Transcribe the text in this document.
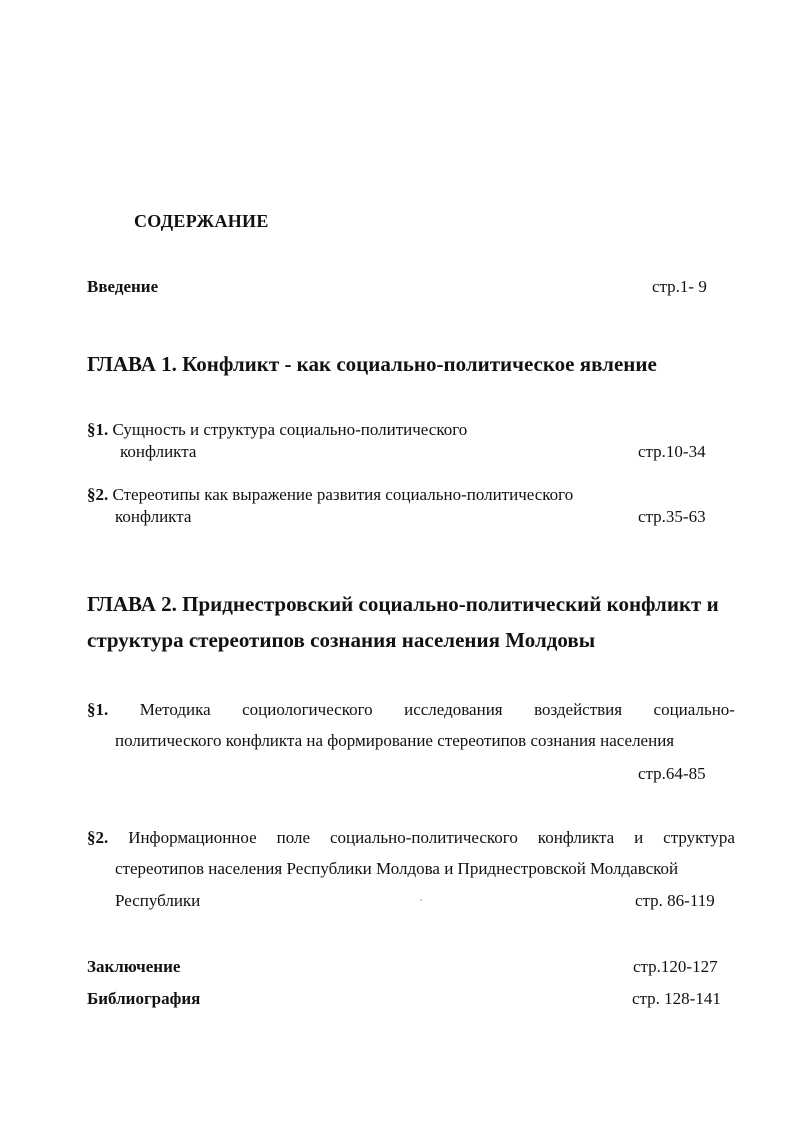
СОДЕРЖАНИЕ
Введение	стр.1- 9
ГЛАВА 1. Конфликт - как социально-политическое явление
§1. Сущность и структура социально-политического
конфликта	стр.10-34
§2. Стереотипы как выражение развития социально-политического
конфликта	стр.35-63
ГЛАВА 2. Приднестровский социально-политический конфликт и
структура стереотипов сознания населения Молдовы
§1. Методика социологического исследования воздействия социально-
политического конфликта на формирование стереотипов сознания населения
стр.64-85
§2. Информационное поле социально-политического конфликта и структура
стереотипов населения Республики Молдова и Приднестровской Молдавской
Республики	стр. 86-119
Заключение	стр.120-127
Библиография	стр. 128-141
